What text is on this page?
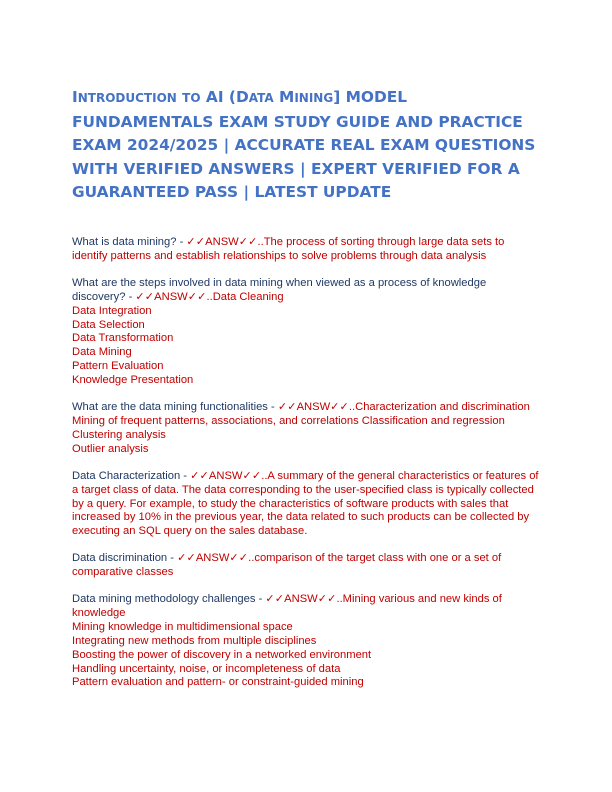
INTRODUCTION TO AI (DATA MINING] MODEL FUNDAMENTALS EXAM STUDY GUIDE AND PRACTICE EXAM 2024/2025 | ACCURATE REAL EXAM QUESTIONS WITH VERIFIED ANSWERS | EXPERT VERIFIED FOR A GUARANTEED PASS | LATEST UPDATE
What is data mining? - ✓✓ANSW✓✓..The process of sorting through large data sets to identify patterns and establish relationships to solve problems through data analysis
What are the steps involved in data mining when viewed as a process of knowledge discovery? - ✓✓ANSW✓✓..Data Cleaning
Data Integration
Data Selection
Data Transformation
Data Mining
Pattern Evaluation
Knowledge Presentation
What are the data mining functionalities - ✓✓ANSW✓✓..Characterization and discrimination
Mining of frequent patterns, associations, and correlations Classification and regression
Clustering analysis
Outlier analysis
Data Characterization - ✓✓ANSW✓✓..A summary of the general characteristics or features of a target class of data. The data corresponding to the user-specified class is typically collected by a query. For example, to study the characteristics of software products with sales that increased by 10% in the previous year, the data related to such products can be collected by executing an SQL query on the sales database.
Data discrimination - ✓✓ANSW✓✓..comparison of the target class with one or a set of comparative classes
Data mining methodology challenges - ✓✓ANSW✓✓..Mining various and new kinds of knowledge
Mining knowledge in multidimensional space
Integrating new methods from multiple disciplines
Boosting the power of discovery in a networked environment
Handling uncertainty, noise, or incompleteness of data
Pattern evaluation and pattern- or constraint-guided mining
